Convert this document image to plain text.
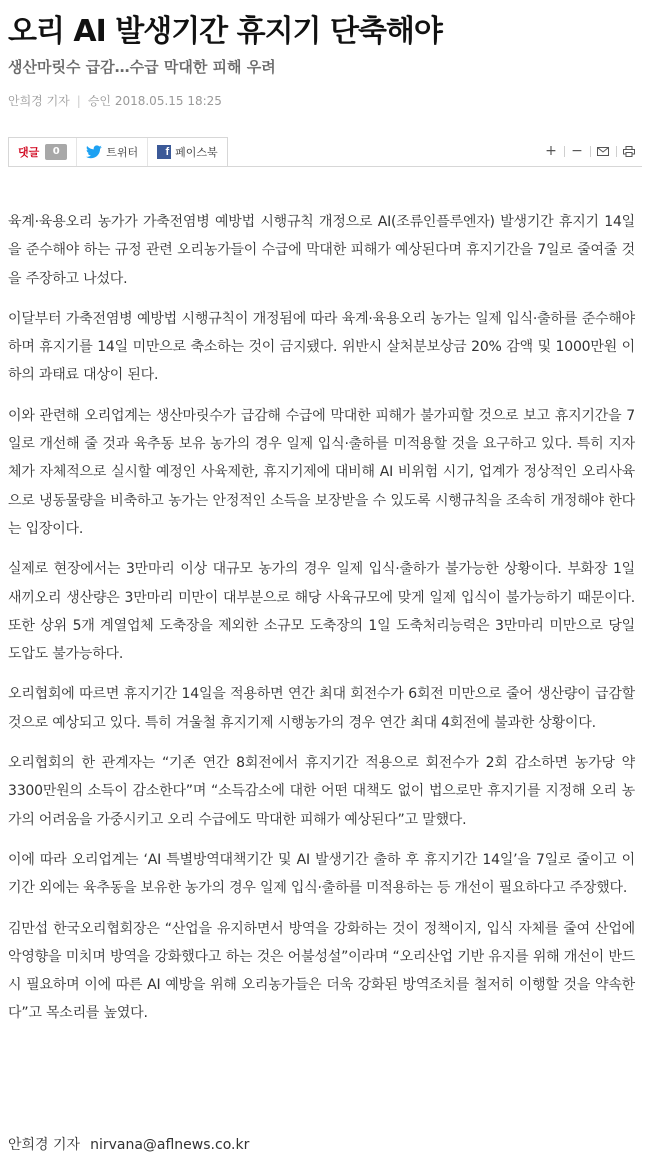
오리 AI 발생기간 휴지기 단축해야
생산마릿수 급감…수급 막대한 피해 우려
안희경 기자 | 승인 2018.05.15 18:25
댓글	0	트위터	f 페이스북	+	−

육계·육용오리 농가가 가축전염병 예방법 시행규칙 개정으로 AI(조류인플루엔자) 발생기간 휴지기 14일을 준수해야 하는 규정 관련 오리농가들이 수급에 막대한 피해가 예상된다며 휴지기간을 7일로 줄여줄 것을 주장하고 나섰다.

이달부터 가축전염병 예방법 시행규칙이 개정됨에 따라 육계·육용오리 농가는 일제 입식·출하를 준수해야 하며 휴지기를 14일 미만으로 축소하는 것이 금지됐다. 위반시 살처분보상금 20% 감액 및 1000만원 이하의 과태료 대상이 된다.

이와 관련해 오리업계는 생산마릿수가 급감해 수급에 막대한 피해가 불가피할 것으로 보고 휴지기간을 7일로 개선해 줄 것과 육추동 보유 농가의 경우 일제 입식·출하를 미적용할 것을 요구하고 있다. 특히 지자체가 자체적으로 실시할 예정인 사육제한, 휴지기제에 대비해 AI 비위험 시기, 업계가 정상적인 오리사육으로 냉동물량을 비축하고 농가는 안정적인 소득을 보장받을 수 있도록 시행규칙을 조속히 개정해야 한다는 입장이다.

실제로 현장에서는 3만마리 이상 대규모 농가의 경우 일제 입식·출하가 불가능한 상황이다. 부화장 1일 새끼오리 생산량은 3만마리 미만이 대부분으로 해당 사육규모에 맞게 일제 입식이 불가능하기 때문이다. 또한 상위 5개 계열업체 도축장을 제외한 소규모 도축장의 1일 도축처리능력은 3만마리 미만으로 당일 도압도 불가능하다.

오리협회에 따르면 휴지기간 14일을 적용하면 연간 최대 회전수가 6회전 미만으로 줄어 생산량이 급감할 것으로 예상되고 있다. 특히 겨울철 휴지기제 시행농가의 경우 연간 최대 4회전에 불과한 상황이다.

오리협회의 한 관계자는 “기존 연간 8회전에서 휴지기간 적용으로 회전수가 2회 감소하면 농가당 약 3300만원의 소득이 감소한다”며 “소득감소에 대한 어떤 대책도 없이 법으로만 휴지기를 지정해 오리 농가의 어려움을 가중시키고 오리 수급에도 막대한 피해가 예상된다”고 말했다.

이에 따라 오리업계는 ‘AI 특별방역대책기간 및 AI 발생기간 출하 후 휴지기간 14일’을 7일로 줄이고 이 기간 외에는 육추동을 보유한 농가의 경우 일제 입식·출하를 미적용하는 등 개선이 필요하다고 주장했다.

김만섭 한국오리협회장은 “산업을 유지하면서 방역을 강화하는 것이 정책이지, 입식 자체를 줄여 산업에 악영향을 미치며 방역을 강화했다고 하는 것은 어불성설”이라며 “오리산업 기반 유지를 위해 개선이 반드시 필요하며 이에 따른 AI 예방을 위해 오리농가들은 더욱 강화된 방역조치를 철저히 이행할 것을 약속한다”고 목소리를 높였다.

안희경 기자 nirvana@aflnews.co.kr
